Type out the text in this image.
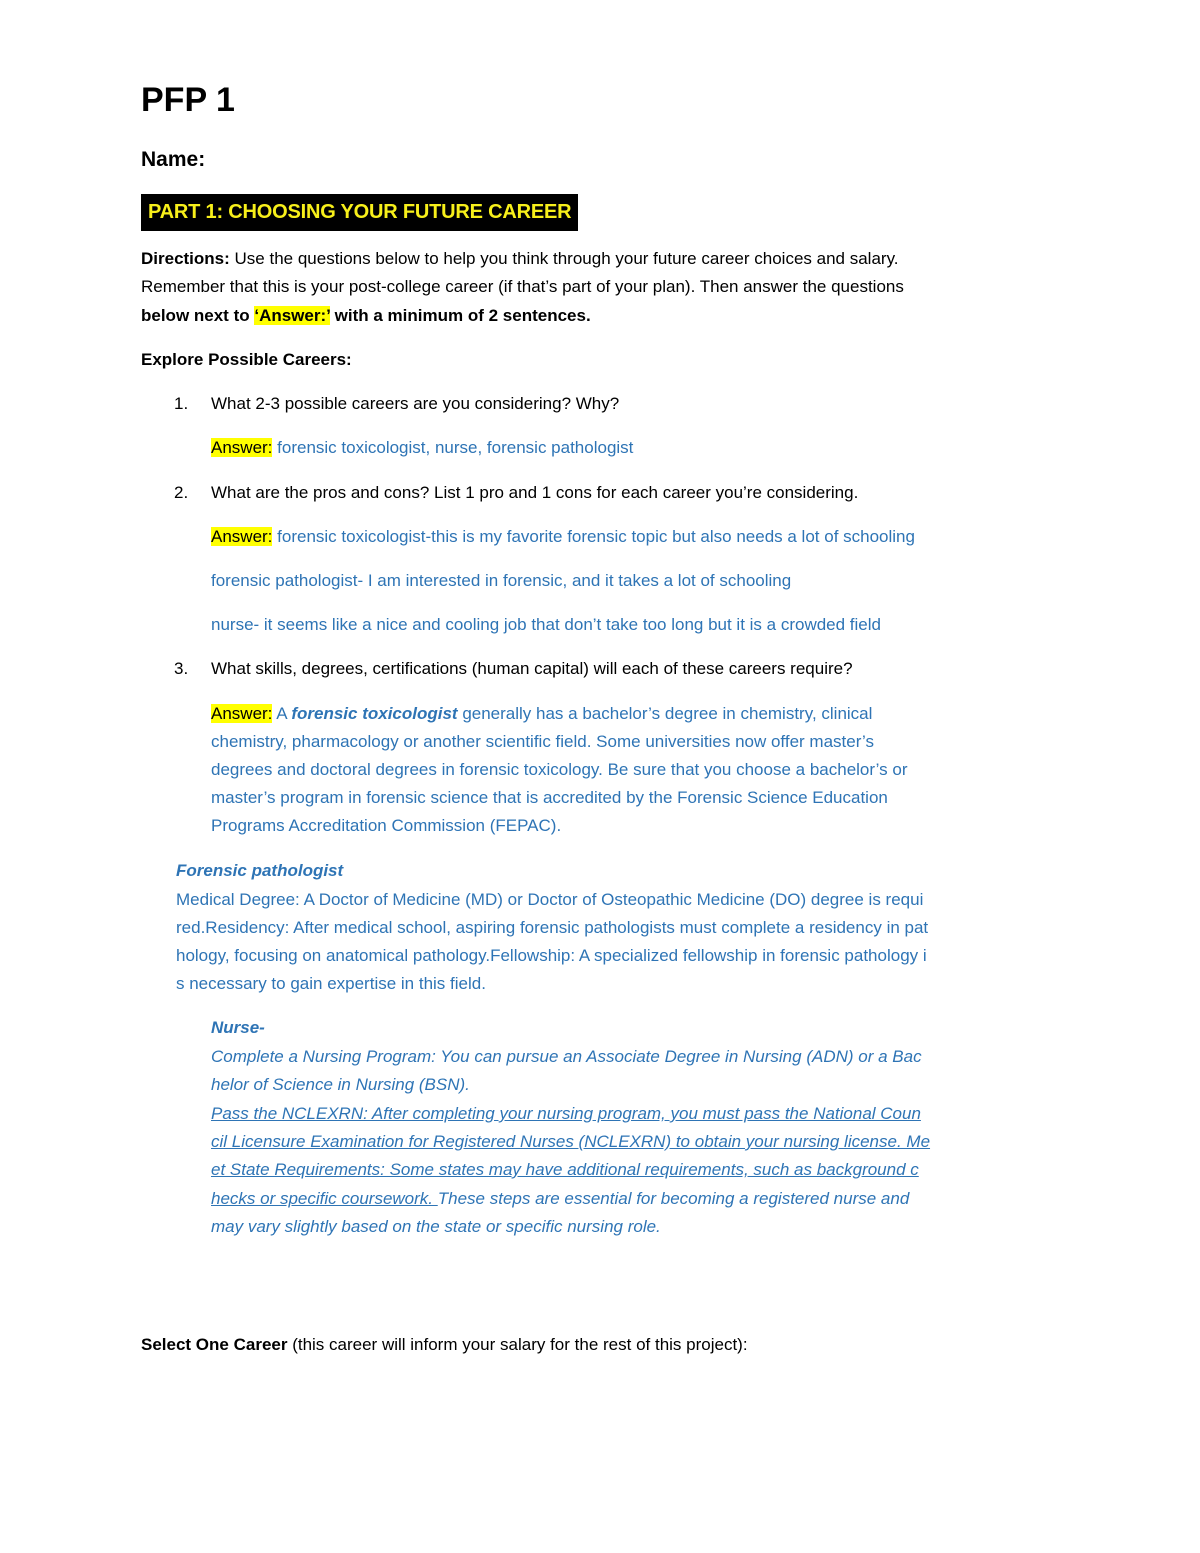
PFP 1
Name:
PART 1: CHOOSING YOUR FUTURE CAREER
Directions: Use the questions below to help you think through your future career choices and salary.
Remember that this is your post-college career (if that’s part of your plan). Then answer the questions
below next to ‘Answer:’ with a minimum of 2 sentences.
Explore Possible Careers:
1. What 2-3 possible careers are you considering? Why?
Answer: forensic toxicologist, nurse, forensic pathologist
2. What are the pros and cons? List 1 pro and 1 cons for each career you’re considering.
Answer: forensic toxicologist-this is my favorite forensic topic but also needs a lot of schooling
forensic pathologist- I am interested in forensic, and it takes a lot of schooling
nurse- it seems like a nice and cooling job that don’t take too long but it is a crowded field
3. What skills, degrees, certifications (human capital) will each of these careers require?
Answer: A forensic toxicologist generally has a bachelor’s degree in chemistry, clinical
chemistry, pharmacology or another scientific field. Some universities now offer master’s
degrees and doctoral degrees in forensic toxicology. Be sure that you choose a bachelor’s or
master’s program in forensic science that is accredited by the Forensic Science Education
Programs Accreditation Commission (FEPAC).
Forensic pathologist
Medical Degree: A Doctor of Medicine (MD) or Doctor of Osteopathic Medicine (DO) degree is requi
red.Residency: After medical school, aspiring forensic pathologists must complete a residency in pat
hology, focusing on anatomical pathology.Fellowship: A specialized fellowship in forensic pathology i
s necessary to gain expertise in this field.
Nurse-
Complete a Nursing Program: You can pursue an Associate Degree in Nursing (ADN) or a Bac
helor of Science in Nursing (BSN).
Pass the NCLEXRN: After completing your nursing program, you must pass the National Coun
cil Licensure Examination for Registered Nurses (NCLEXRN) to obtain your nursing license. Me
et State Requirements: Some states may have additional requirements, such as background c
hecks or specific coursework. These steps are essential for becoming a registered nurse and
may vary slightly based on the state or specific nursing role.
Select One Career (this career will inform your salary for the rest of this project):
